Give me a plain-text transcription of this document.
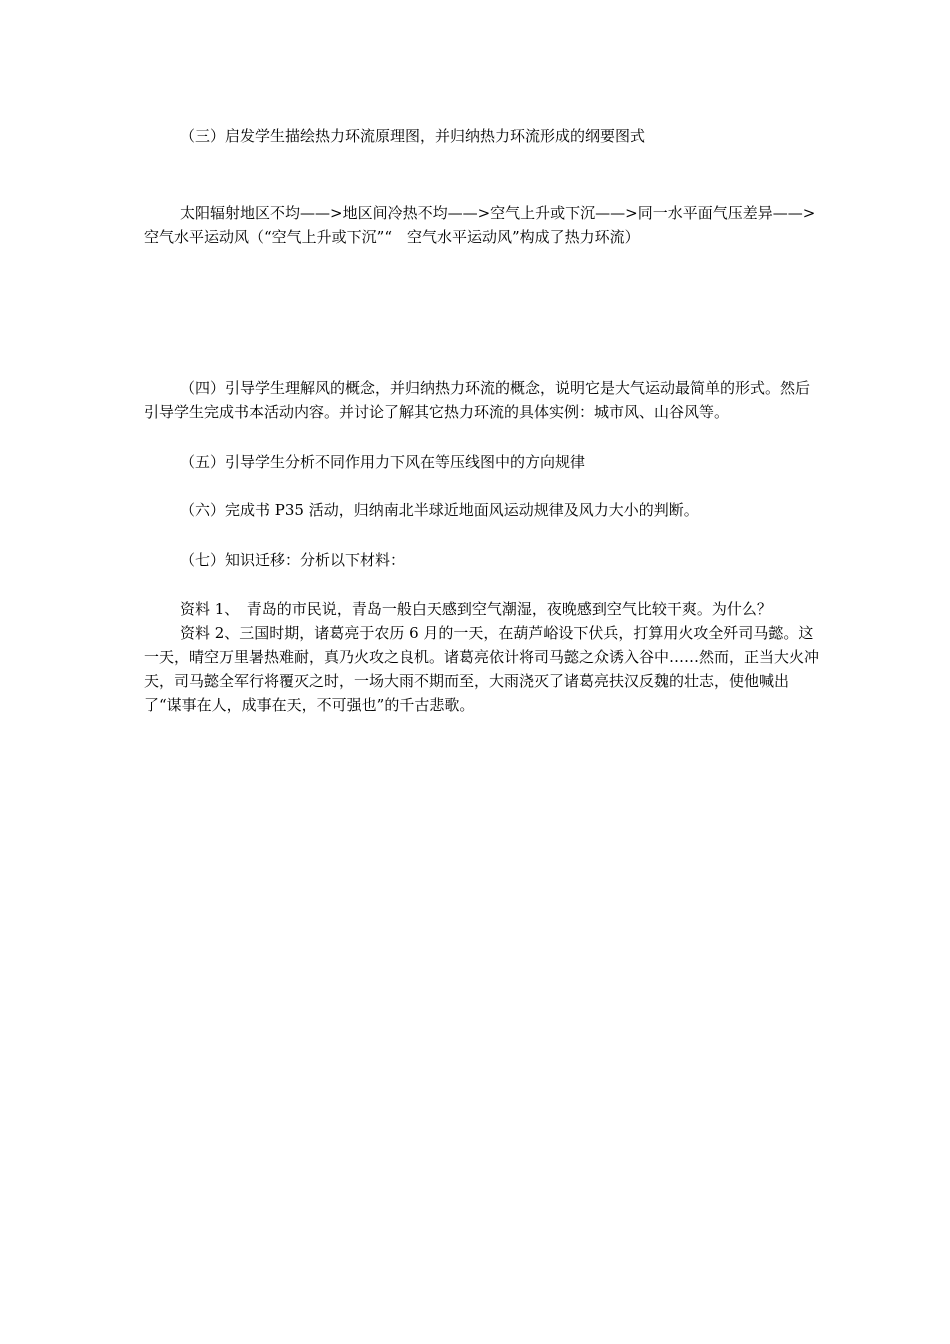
（三）启发学生描绘热力环流原理图，并归纳热力环流形成的纲要图式

太阳辐射地区不均——>地区间冷热不均——>空气上升或下沉——>同一水平面气压差异——>空气水平运动风（“空气上升或下沉”“　空气水平运动风”构成了热力环流）

（四）引导学生理解风的概念，并归纳热力环流的概念，说明它是大气运动最简单的形式。然后引导学生完成书本活动内容。并讨论了解其它热力环流的具体实例：城市风、山谷风等。

（五）引导学生分析不同作用力下风在等压线图中的方向规律

（六）完成书 P35 活动，归纳南北半球近地面风运动规律及风力大小的判断。

（七）知识迁移：分析以下材料：

资料 1、　青岛的市民说，青岛一般白天感到空气潮湿，夜晚感到空气比较干爽。为什么？

资料 2、三国时期，诸葛亮于农历 6 月的一天，在葫芦峪设下伏兵，打算用火攻全歼司马懿。这一天，晴空万里暑热难耐，真乃火攻之良机。诸葛亮依计将司马懿之众诱入谷中……然而，正当大火冲天，司马懿全军行将覆灭之时，一场大雨不期而至，大雨浇灭了诸葛亮扶汉反魏的壮志，使他喊出了“谋事在人，成事在天，不可强也”的千古悲歌。
